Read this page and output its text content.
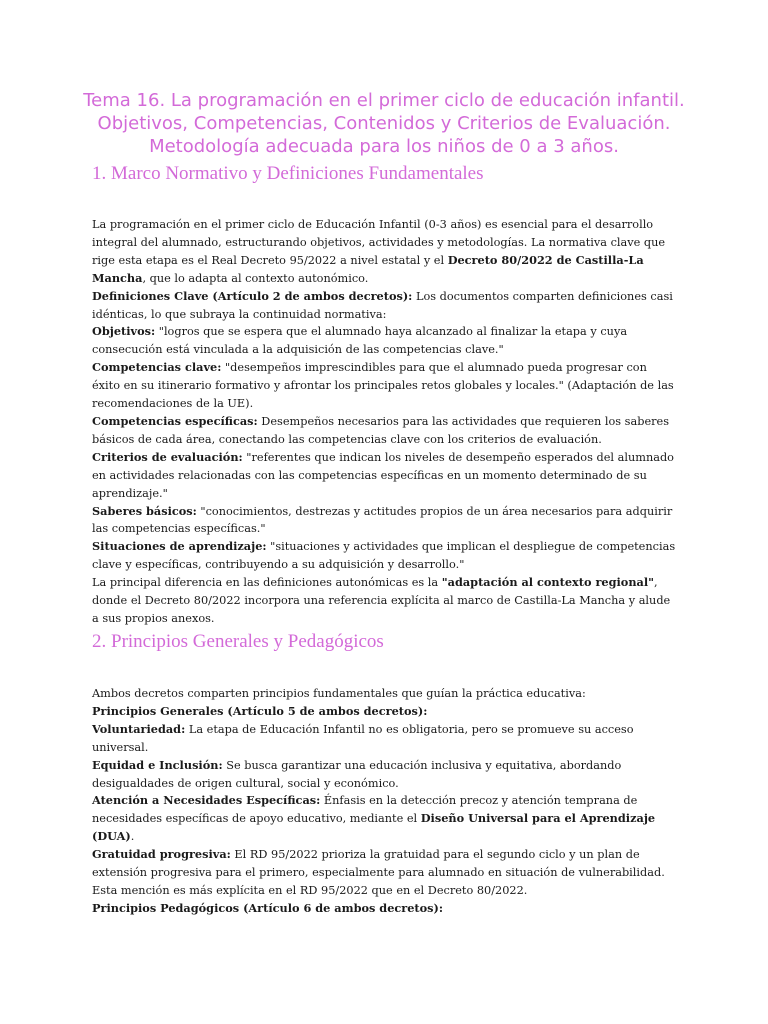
Tema 16. La programación en el primer ciclo de educación infantil.
Objetivos, Competencias, Contenidos y Criterios de Evaluación.
Metodología adecuada para los niños de 0 a 3 años.
1. Marco Normativo y Definiciones Fundamentales
La programación en el primer ciclo de Educación Infantil (0-3 años) es esencial para el desarrollo
integral del alumnado, estructurando objetivos, actividades y metodologías. La normativa clave que
rige esta etapa es el Real Decreto 95/2022 a nivel estatal y el Decreto 80/2022 de Castilla-La
Mancha, que lo adapta al contexto autonómico.
Definiciones Clave (Artículo 2 de ambos decretos): Los documentos comparten definiciones casi
idénticas, lo que subraya la continuidad normativa:
Objetivos: "logros que se espera que el alumnado haya alcanzado al finalizar la etapa y cuya
consecución está vinculada a la adquisición de las competencias clave."
Competencias clave: "desempeños imprescindibles para que el alumnado pueda progresar con
éxito en su itinerario formativo y afrontar los principales retos globales y locales." (Adaptación de las
recomendaciones de la UE).
Competencias específicas: Desempeños necesarios para las actividades que requieren los saberes
básicos de cada área, conectando las competencias clave con los criterios de evaluación.
Criterios de evaluación: "referentes que indican los niveles de desempeño esperados del alumnado
en actividades relacionadas con las competencias específicas en un momento determinado de su
aprendizaje."
Saberes básicos: "conocimientos, destrezas y actitudes propios de un área necesarios para adquirir
las competencias específicas."
Situaciones de aprendizaje: "situaciones y actividades que implican el despliegue de competencias
clave y específicas, contribuyendo a su adquisición y desarrollo."
La principal diferencia en las definiciones autonómicas es la "adaptación al contexto regional",
donde el Decreto 80/2022 incorpora una referencia explícita al marco de Castilla-La Mancha y alude
a sus propios anexos.
2. Principios Generales y Pedagógicos
Ambos decretos comparten principios fundamentales que guían la práctica educativa:
Principios Generales (Artículo 5 de ambos decretos):
Voluntariedad: La etapa de Educación Infantil no es obligatoria, pero se promueve su acceso
universal.
Equidad e Inclusión: Se busca garantizar una educación inclusiva y equitativa, abordando
desigualdades de origen cultural, social y económico.
Atención a Necesidades Específicas: Énfasis en la detección precoz y atención temprana de
necesidades específicas de apoyo educativo, mediante el Diseño Universal para el Aprendizaje
(DUA).
Gratuidad progresiva: El RD 95/2022 prioriza la gratuidad para el segundo ciclo y un plan de
extensión progresiva para el primero, especialmente para alumnado en situación de vulnerabilidad.
Esta mención es más explícita en el RD 95/2022 que en el Decreto 80/2022.
Principios Pedagógicos (Artículo 6 de ambos decretos):
